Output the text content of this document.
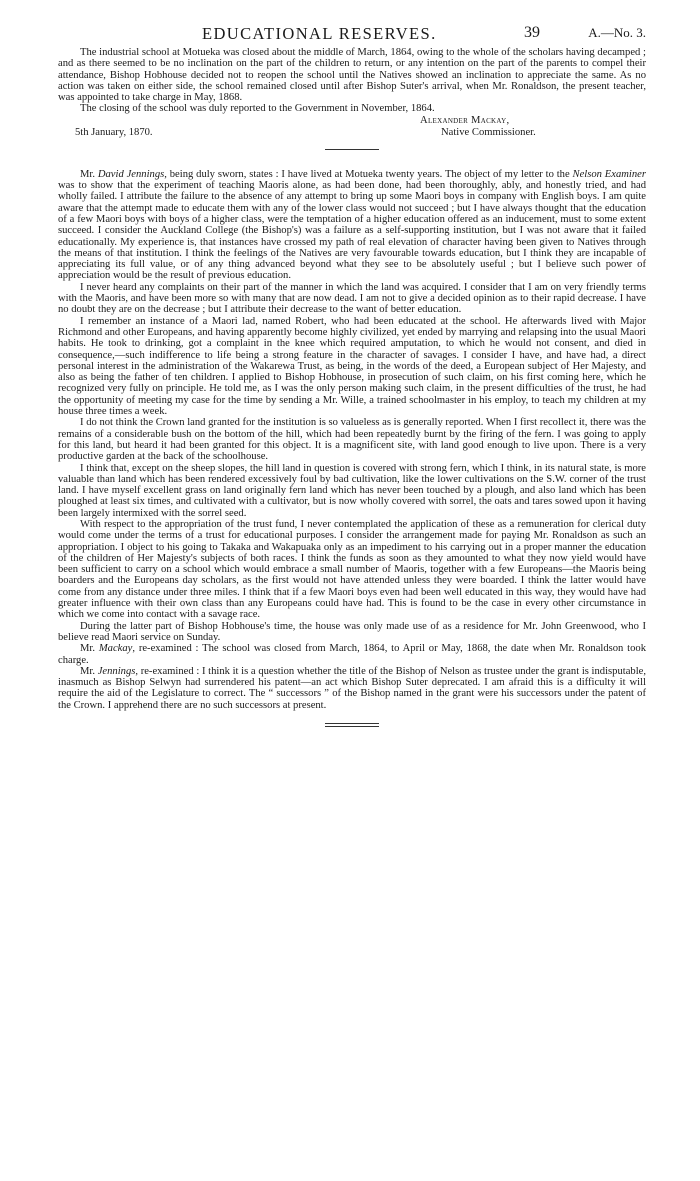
EDUCATIONAL RESERVES.	39	A.—No. 3.

The industrial school at Motueka was closed about the middle of March, 1864, owing to the whole of the scholars having decamped ; and as there seemed to be no inclination on the part of the children to return, or any intention on the part of the parents to compel their attendance, Bishop Hobhouse decided not to reopen the school until the Natives showed an inclination to appreciate the same. As no action was taken on either side, the school remained closed until after Bishop Suter's arrival, when Mr. Ronaldson, the present teacher, was appointed to take charge in May, 1868.

The closing of the school was duly reported to the Government in November, 1864.

Alexander Mackay,
5th January, 1870.	Native Commissioner.

Mr. David Jennings, being duly sworn, states : I have lived at Motueka twenty years. The object of my letter to the Nelson Examiner was to show that the experiment of teaching Maoris alone, as had been done, had been thoroughly, ably, and honestly tried, and had wholly failed. I attribute the failure to the absence of any attempt to bring up some Maori boys in company with English boys. I am quite aware that the attempt made to educate them with any of the lower class would not succeed ; but I have always thought that the education of a few Maori boys with boys of a higher class, were the temptation of a higher education offered as an inducement, must to some extent succeed. I consider the Auckland College (the Bishop's) was a failure as a self-supporting institution, but I was not aware that it failed educationally. My experience is, that instances have crossed my path of real elevation of character having been given to Natives through the means of that institution. I think the feelings of the Natives are very favourable towards education, but I think they are incapable of appreciating its full value, or of any thing advanced beyond what they see to be absolutely useful ; but I believe such power of appreciation would be the result of previous education.

I never heard any complaints on their part of the manner in which the land was acquired. I consider that I am on very friendly terms with the Maoris, and have been more so with many that are now dead. I am not to give a decided opinion as to their rapid decrease. I have no doubt they are on the decrease ; but I attribute their decrease to the want of better education.

I remember an instance of a Maori lad, named Robert, who had been educated at the school. He afterwards lived with Major Richmond and other Europeans, and having apparently become highly civilized, yet ended by marrying and relapsing into the usual Maori habits. He took to drinking, got a complaint in the knee which required amputation, to which he would not consent, and died in consequence,—such indifference to life being a strong feature in the character of savages. I consider I have, and have had, a direct personal interest in the administration of the Wakarewa Trust, as being, in the words of the deed, a European subject of Her Majesty, and also as being the father of ten children. I applied to Bishop Hobhouse, in prosecution of such claim, on his first coming here, which he recognized very fully on principle. He told me, as I was the only person making such claim, in the present difficulties of the trust, he had the opportunity of meeting my case for the time by sending a Mr. Wille, a trained schoolmaster in his employ, to teach my children at my house three times a week.

I do not think the Crown land granted for the institution is so valueless as is generally reported. When I first recollect it, there was the remains of a considerable bush on the bottom of the hill, which had been repeatedly burnt by the firing of the fern. I was going to apply for this land, but heard it had been granted for this object. It is a magnificent site, with land good enough to live upon. There is a very productive garden at the back of the schoolhouse.

I think that, except on the sheep slopes, the hill land in question is covered with strong fern, which I think, in its natural state, is more valuable than land which has been rendered excessively foul by bad cultivation, like the lower cultivations on the S.W. corner of the trust land. I have myself excellent grass on land originally fern land which has never been touched by a plough, and also land which has been ploughed at least six times, and cultivated with a cultivator, but is now wholly covered with sorrel, the oats and tares sowed upon it having been largely intermixed with the sorrel seed.

With respect to the appropriation of the trust fund, I never contemplated the application of these as a remuneration for clerical duty would come under the terms of a trust for educational purposes. I consider the arrangement made for paying Mr. Ronaldson as such an appropriation. I object to his going to Takaka and Wakapuaka only as an impediment to his carrying out in a proper manner the education of the children of Her Majesty's subjects of both races. I think the funds as soon as they amounted to what they now yield would have been sufficient to carry on a school which would embrace a small number of Maoris, together with a few Europeans—the Maoris being boarders and the Europeans day scholars, as the first would not have attended unless they were boarded. I think the latter would have come from any distance under three miles. I think that if a few Maori boys even had been well educated in this way, they would have had greater influence with their own class than any Europeans could have had. This is found to be the case in every other circumstance in which we come into contact with a savage race.

During the latter part of Bishop Hobhouse's time, the house was only made use of as a residence for Mr. John Greenwood, who I believe read Maori service on Sunday.

Mr. Mackay, re-examined : The school was closed from March, 1864, to April or May, 1868, the date when Mr. Ronaldson took charge.

Mr. Jennings, re-examined : I think it is a question whether the title of the Bishop of Nelson as trustee under the grant is indisputable, inasmuch as Bishop Selwyn had surrendered his patent—an act which Bishop Suter deprecated. I am afraid this is a difficulty it will require the aid of the Legislature to correct. The “ successors ” of the Bishop named in the grant were his successors under the patent of the Crown. I apprehend there are no such successors at present.
